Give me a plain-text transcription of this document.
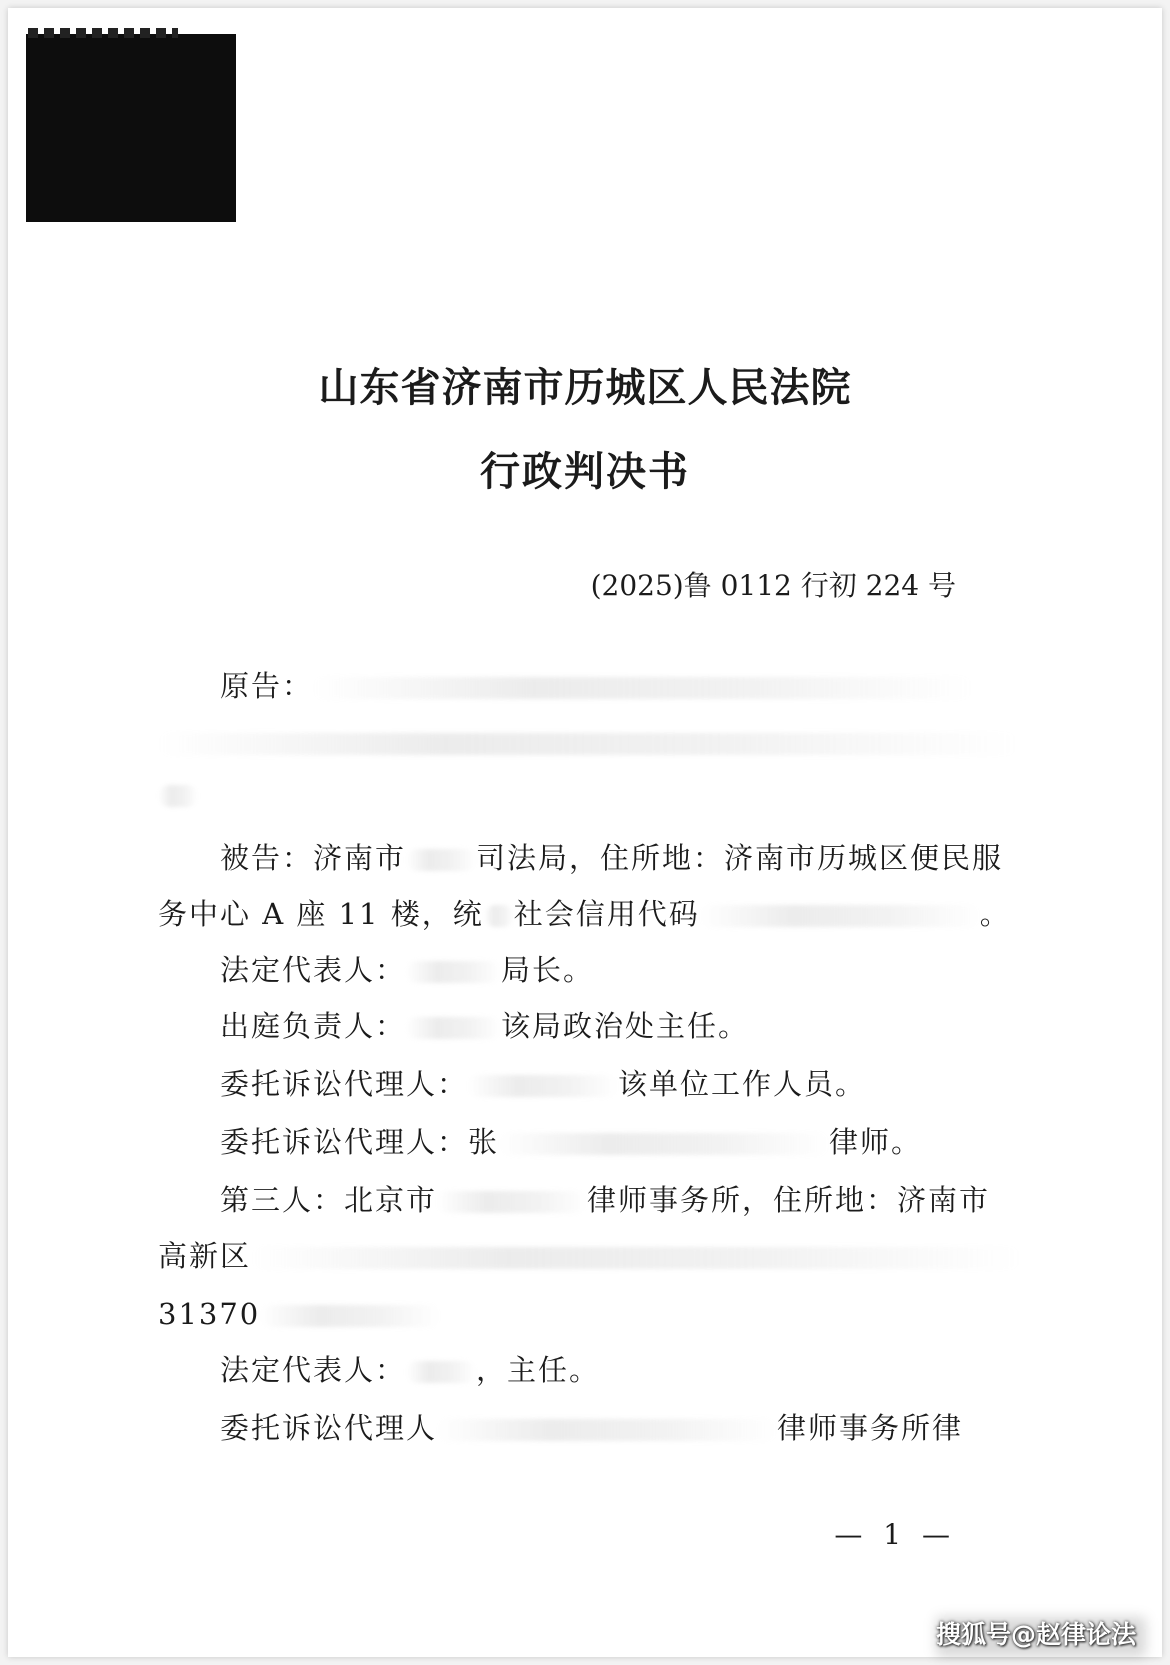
山东省济南市历城区人民法院
行政判决书
(2025)鲁 0112 行初 224 号
原告：
被告：济南市 司法局，住所地：济南市历城区便民服
务中心 A 座 11 楼，统 社会信用代码	。
法定代表人：	局长。
出庭负责人：	该局政治处主任。
委托诉讼代理人：	该单位工作人员。
委托诉讼代理人：张	律师。
第三人：北京市	律师事务所，住所地：济南市
高新区
31370
法定代表人： ，主任。
委托诉讼代理人	律师事务所律
— 1 —
搜狐号@赵律论法
